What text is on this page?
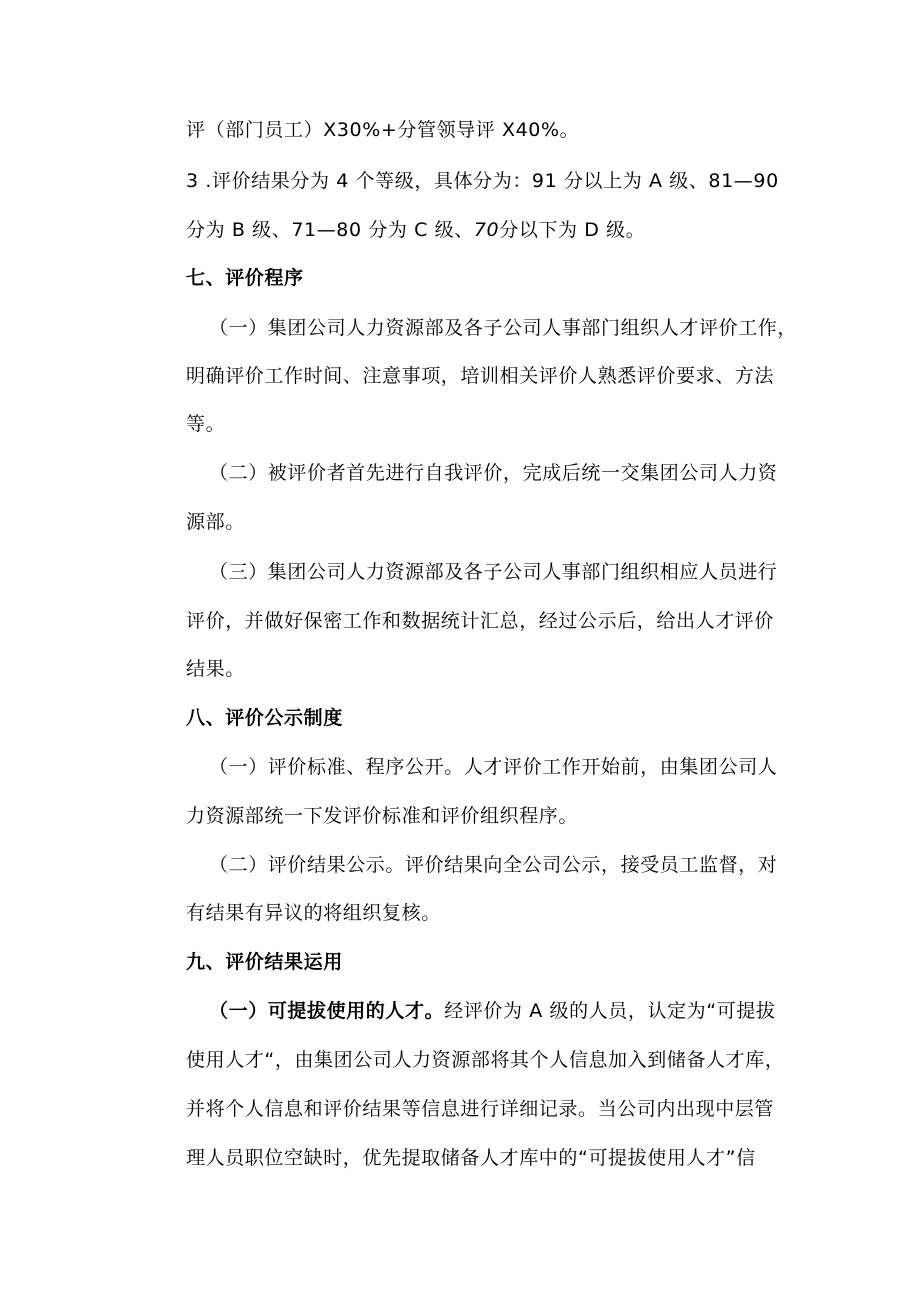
评（部门员工）X30%+分管领导评 X40%。
3 .评价结果分为 4 个等级，具体分为：91 分以上为 A 级、81—90
分为 B 级、71—80 分为 C 级、70分以下为 D 级。
七、评价程序
（一）集团公司人力资源部及各子公司人事部门组织人才评价工作，
明确评价工作时间、注意事项，培训相关评价人熟悉评价要求、方法
等。
（二）被评价者首先进行自我评价，完成后统一交集团公司人力资
源部。
（三）集团公司人力资源部及各子公司人事部门组织相应人员进行
评价，并做好保密工作和数据统计汇总，经过公示后，给出人才评价
结果。
八、评价公示制度
（一）评价标准、程序公开。人才评价工作开始前，由集团公司人
力资源部统一下发评价标准和评价组织程序。
（二）评价结果公示。评价结果向全公司公示，接受员工监督，对
有结果有异议的将组织复核。
九、评价结果运用
（一）可提拔使用的人才。经评价为 A 级的人员，认定为“可提拔
使用人才“，由集团公司人力资源部将其个人信息加入到储备人才库，
并将个人信息和评价结果等信息进行详细记录。当公司内出现中层管
理人员职位空缺时，优先提取储备人才库中的“可提拔使用人才”信
